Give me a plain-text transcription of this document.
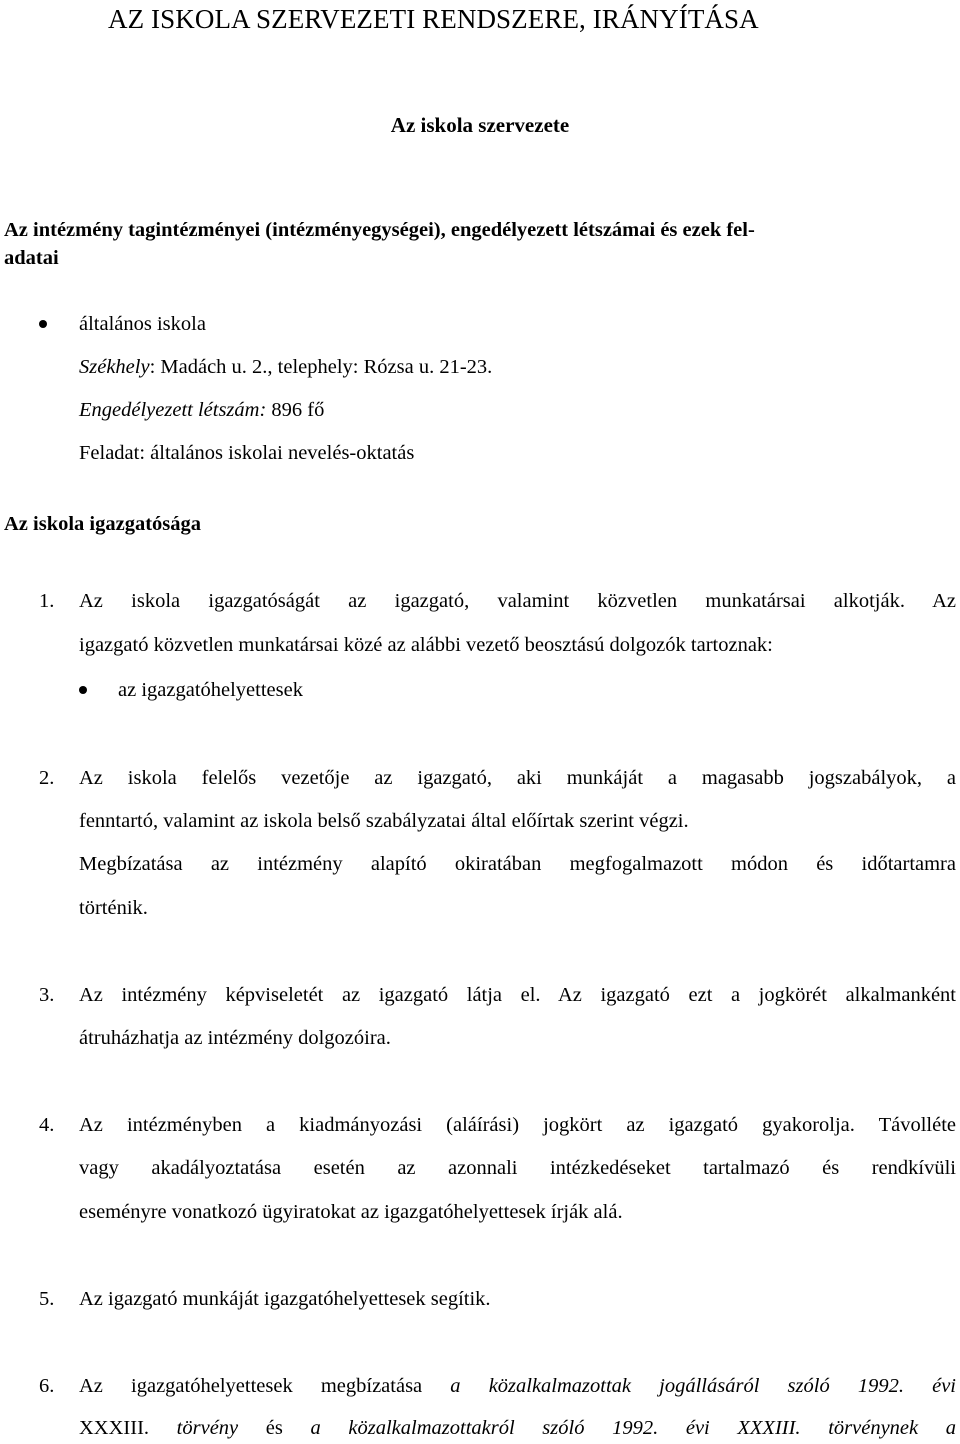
AZ ISKOLA SZERVEZETI RENDSZERE, IRÁNYÍTÁSA
Az iskola szervezete
Az intézmény tagintézményei (intézményegységei), engedélyezett létszámai és ezek fel-
adatai
általános iskola
Székhely: Madách u. 2., telephely: Rózsa u. 21-23.
Engedélyezett létszám: 896 fő
Feladat: általános iskolai nevelés-oktatás
Az iskola igazgatósága
1. Az iskola igazgatóságát az igazgató, valamint közvetlen munkatársai alkotják. Az
igazgató közvetlen munkatársai közé az alábbi vezető beosztású dolgozók tartoznak:
az igazgatóhelyettesek
2. Az iskola felelős vezetője az igazgató, aki munkáját a magasabb jogszabályok, a
fenntartó, valamint az iskola belső szabályzatai által előírtak szerint végzi.
Megbízatása az intézmény alapító okiratában megfogalmazott módon és időtartamra
történik.
3. Az intézmény képviseletét az igazgató látja el. Az igazgató ezt a jogkörét alkalmanként
átruházhatja az intézmény dolgozóira.
4. Az intézményben a kiadmányozási (aláírási) jogkört az igazgató gyakorolja. Távolléte
vagy akadályoztatása esetén az azonnali intézkedéseket tartalmazó és rendkívüli
eseményre vonatkozó ügyiratokat az igazgatóhelyettesek írják alá.
5. Az igazgató munkáját igazgatóhelyettesek segítik.
6. Az igazgatóhelyettesek megbízatása a közalkalmazottak jogállásáról szóló 1992. évi
XXXIII. törvény és a közalkalmazottakról szóló 1992. évi XXXIII. törvénynek a
